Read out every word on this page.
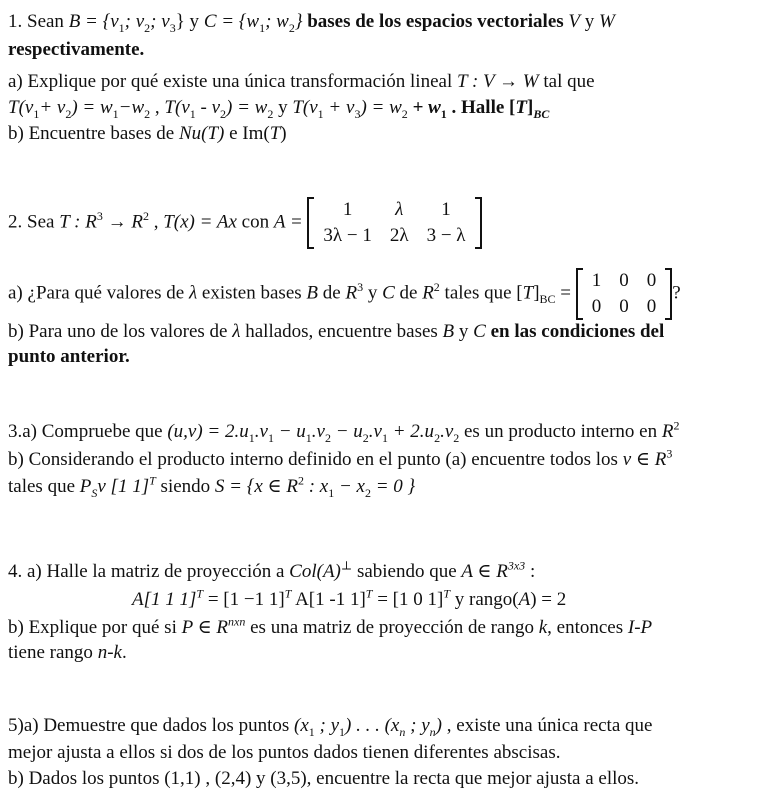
1. Sean $B = \{v_1$; $v_2$; $v_3$} y $C = \{w_1$; $w_2$} bases de los espacios vectoriales V y W
respectivamente.
a) Explique por qué existe una única transformación lineal T : V → W tal que
$T(v_1+ v_2) = w_1-w_2$ , $T(v_1 - v_2) = w_2$ y $T(v_1 + v_3) = w_2 + w_1$ . Halle $[T]_{BC}$
b) Encuentre bases de Nu(T) e Im(T)
2. Sea T : $R^3 \to R^2$ , T(x) = Ax con A =
1	λ	1
3λ − 1	2λ	3 − λ
a) ¿Para qué valores de λ existen bases B de $R^3$ y C de $R^2$ tales que $[T]_{BC}$ =
1	0	0
0	0	0
?
b) Para uno de los valores de λ hallados, encuentre bases B y C en las condiciones del
punto anterior.
3.a) Compruebe que $(u,v) = 2.u_1.v_1 - u_1.v_2 - u_2.v_1 + 2.u_2.v_2$ es un producto interno en $R^2$
b) Considerando el producto interno definido en el punto (a) encuentre todos los v ∈ $R^3$
tales que $P_Sv$ [1 1]$^T$ siendo S = {x ∈ $R^2$ : $x_1 - x_2 = 0$ }
4. a) Halle la matriz de proyección a Col(A)⊥ sabiendo que A ∈ $R^{3x3}$ :
A[1 1 1]$^T$ = [1 −1 1]$^T$ A[1 -1 1]$^T$ = [1 0 1]$^T$ y rango(A) = 2
b) Explique por qué si P ∈ $R^{nxn}$ es una matriz de proyección de rango k, entonces I-P
tiene rango n-k.
5)a) Demuestre que dados los puntos ($x_1$ ; $y_1$) . . . ($x_n$ ; $y_n$) , existe una única recta que
mejor ajusta a ellos si dos de los puntos dados tienen diferentes abscisas.
b) Dados los puntos (1,1) , (2,4) y (3,5), encuentre la recta que mejor ajusta a ellos.
